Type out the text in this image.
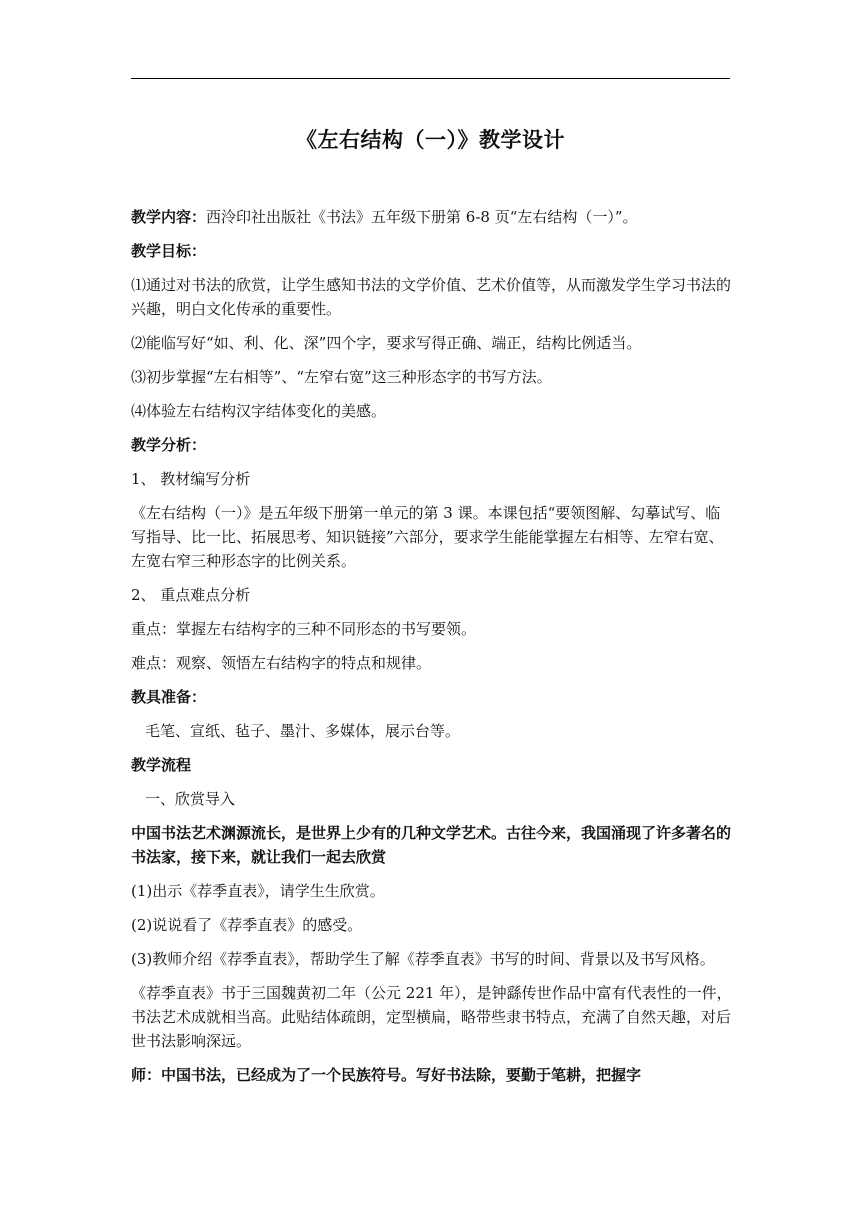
《左右结构（一）》教学设计

教学内容：西泠印社出版社《书法》五年级下册第 6-8 页“左右结构（一）”。

教学目标：

⑴通过对书法的欣赏，让学生感知书法的文学价值、艺术价值等，从而激发学生学习书法的兴趣，明白文化传承的重要性。

⑵能临写好“如、利、化、深”四个字，要求写得正确、端正，结构比例适当。

⑶初步掌握“左右相等”、“左窄右宽”这三种形态字的书写方法。

⑷体验左右结构汉字结体变化的美感。

教学分析：

1、 教材编写分析

《左右结构（一）》是五年级下册第一单元的第 3 课。本课包括“要领图解、勾摹试写、临写指导、比一比、拓展思考、知识链接”六部分，要求学生能能掌握左右相等、左窄右宽、左宽右窄三种形态字的比例关系。

2、 重点难点分析

重点：掌握左右结构字的三种不同形态的书写要领。

难点：观察、领悟左右结构字的特点和规律。

教具准备：

毛笔、宣纸、毡子、墨汁、多媒体，展示台等。

教学流程

一、欣赏导入

中国书法艺术渊源流长，是世界上少有的几种文学艺术。古往今来，我国涌现了许多著名的书法家，接下来，就让我们一起去欣赏

(1)出示《荐季直表》，请学生生欣赏。

(2)说说看了《荐季直表》的感受。

(3)教师介绍《荐季直表》，帮助学生了解《荐季直表》书写的时间、背景以及书写风格。

《荐季直表》书于三国魏黄初二年（公元 221 年），是钟繇传世作品中富有代表性的一件，书法艺术成就相当高。此贴结体疏朗，定型横扁，略带些隶书特点，充满了自然天趣，对后世书法影响深远。

师：中国书法，已经成为了一个民族符号。写好书法除，要勤于笔耕，把握字
